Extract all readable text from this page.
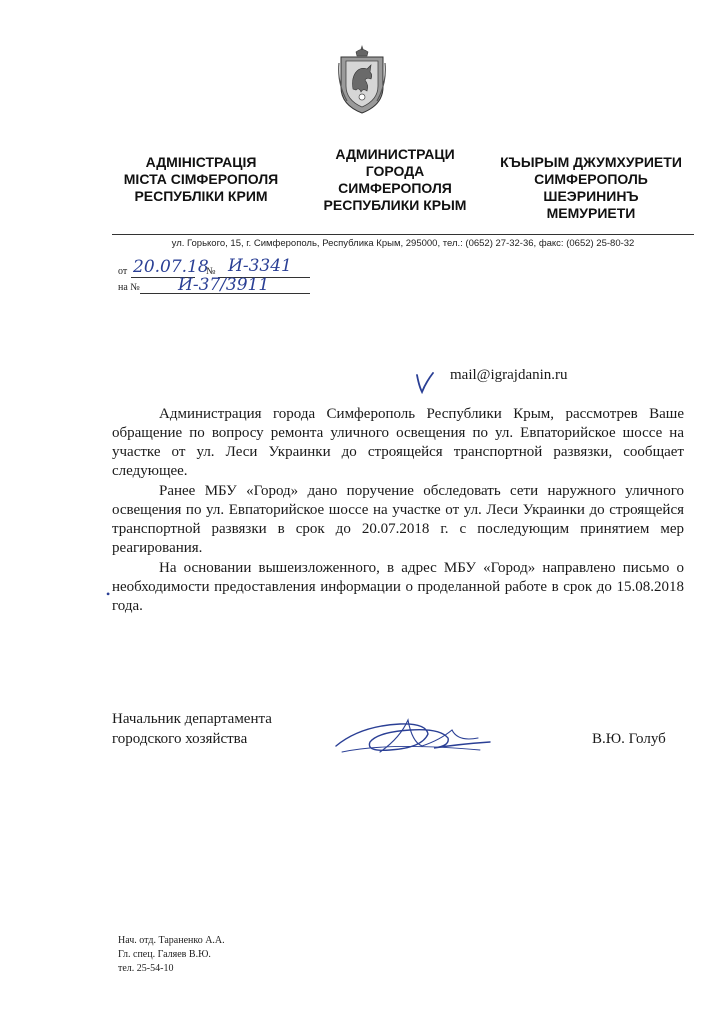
АДМІНІСТРАЦІЯ
МІСТА СІМФЕРОПОЛЯ
РЕСПУБЛІКИ КРИМ
АДМИНИСТРАЦИ
ГОРОДА
СИМФЕРОПОЛЯ
РЕСПУБЛИКИ КРЫМ
КЪЫРЫМ ДЖУМХУРИЕТИ
СИМФЕРОПОЛЬ
ШЕЭРИНИНЪ
МЕМУРИЕТИ
ул. Горького, 15, г. Симферополь, Республика Крым, 295000, тел.: (0652) 27-32-36, факс: (0652) 25-80-32
от 20.07.18
№ И-3341
на № И-37/3911
mail@igrajdanin.ru

Администрация города Симферополь Республики Крым, рассмотрев Ваше обращение по вопросу ремонта уличного освещения по ул. Евпаторийское шоссе на участке от ул. Леси Украинки до строящейся транспортной развязки, сообщает следующее.

Ранее МБУ «Город» дано поручение обследовать сети наружного уличного освещения по ул. Евпаторийское шоссе на участке от ул. Леси Украинки до строящейся транспортной развязки в срок до 20.07.2018 г. с последующим принятием мер реагирования.

На основании вышеизложенного, в адрес МБУ «Город» направлено письмо о необходимости предоставления информации о проделанной работе в срок до 15.08.2018 года.

•
Начальник департамента
городского хозяйства	В.Ю. Голуб
Нач. отд. Тараненко А.А.
Гл. спец. Галяев В.Ю.
тел. 25-54-10
